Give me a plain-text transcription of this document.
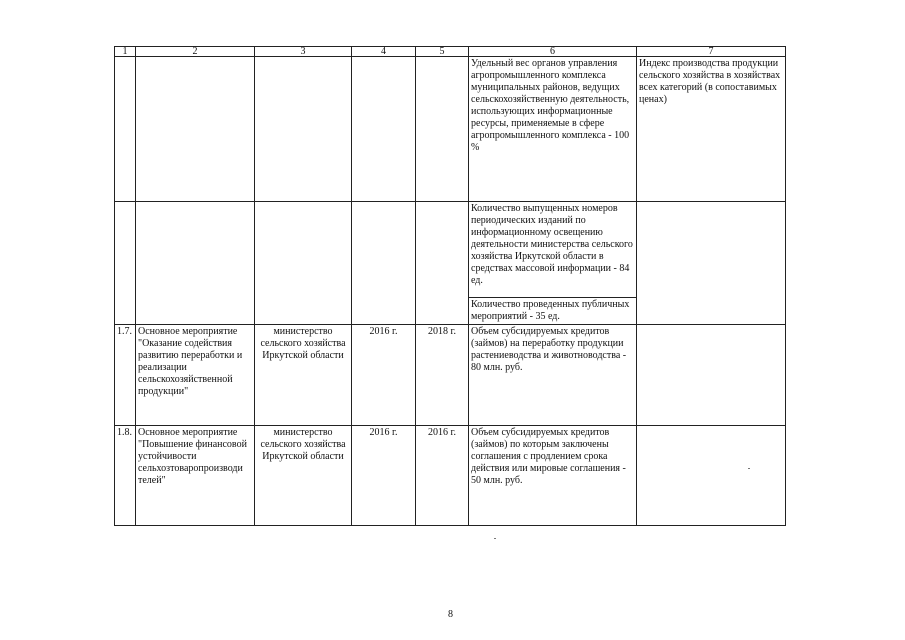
1	2	3	4	5	6	7
					Удельный вес органов управления агропромышленного комплекса муниципальных районов, ведущих сельскохозяйственную деятельность, использующих информационные ресурсы, применяемые в сфере агропромышленного комплекса - 100 %	Индекс производства продукции сельского хозяйства в хозяйствах всех категорий (в сопоставимых ценах)
					Количество выпущенных номеров периодических изданий по информационному освещению деятельности министерства сельского хозяйства Иркутской области в средствах массовой информации - 84 ед.	
					Количество проведенных публичных мероприятий - 35 ед.	
1.7.	Основное мероприятие "Оказание содействия развитию переработки и реализации сельскохозяйственной продукции"	министерство сельского хозяйства Иркутской области	2016 г.	2018 г.	Объем субсидируемых кредитов (займов) на переработку продукции растениеводства и животноводства - 80 млн. руб.	
1.8.	Основное мероприятие "Повышение финансовой устойчивости сельхозтоваропроизводи телей"	министерство сельского хозяйства Иркутской области	2016 г.	2016 г.	Объем субсидируемых кредитов (займов) по которым заключены соглашения с продлением срока действия или мировые соглашения - 50 млн. руб.	
8
